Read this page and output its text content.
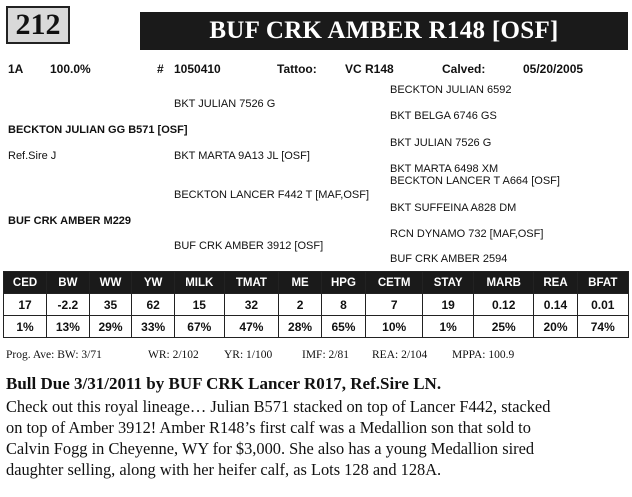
212	BUF CRK AMBER R148 [OSF]
1A 100.0%	# 1050410	Tattoo: VC R148	Calved:	05/20/2005
BECKTON JULIAN 6592
BKT JULIAN 7526 G
BKT BELGA 6746 GS
BECKTON JULIAN GG B571 [OSF]
BKT JULIAN 7526 G
Ref.Sire J	BKT MARTA 9A13 JL [OSF]
BKT MARTA 6498 XM
BECKTON LANCER T A664 [OSF]
BECKTON LANCER F442 T [MAF,OSF]
BKT SUFFEINA A828 DM
BUF CRK AMBER M229
RCN DYNAMO 732 [MAF,OSF]
BUF CRK AMBER 3912 [OSF]
BUF CRK AMBER 2594
CED	BW	WW	YW	MILK	TMAT	ME	HPG	CETM	STAY	MARB	REA	BFAT
17	-2.2	35	62	15	32	2	8	7	19	0.12	0.14	0.01
1%	13%	29%	33%	67%	47%	28%	65%	10%	1%	25%	20%	74%
Prog. Ave: BW: 3/71	WR: 2/102 YR: 1/100	IMF: 2/81 REA: 2/104 MPPA: 100.9
Bull Due 3/31/2011 by BUF CRK Lancer R017, Ref.Sire LN.
Check out this royal lineage… Julian B571 stacked on top of Lancer F442, stacked
on top of Amber 3912! Amber R148’s first calf was a Medallion son that sold to
Calvin Fogg in Cheyenne, WY for $3,000. She also has a young Medallion sired
daughter selling, along with her heifer calf, as Lots 128 and 128A.
